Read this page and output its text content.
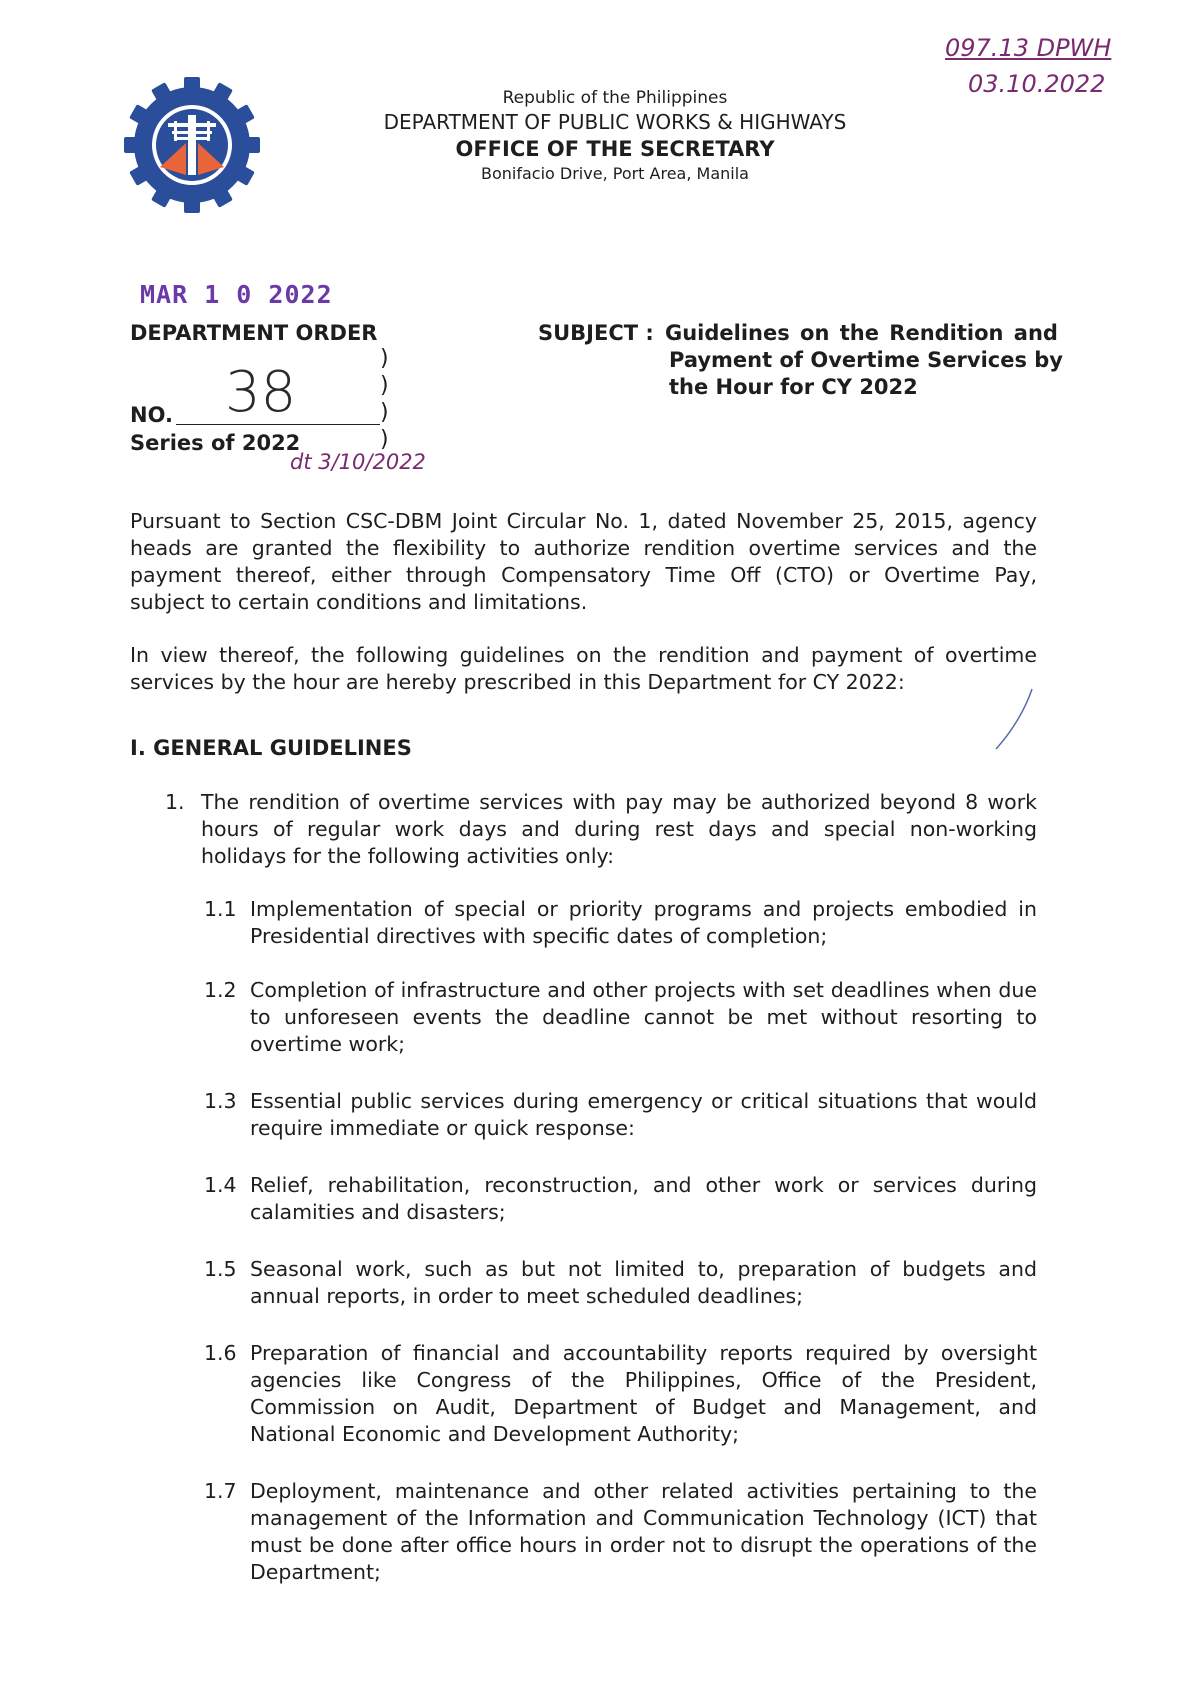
097.13 DPWH
03.10.2022
Republic of the Philippines
DEPARTMENT OF PUBLIC WORKS & HIGHWAYS
OFFICE OF THE SECRETARY
Bonifacio Drive, Port Area, Manila
MAR 1 0 2022
DEPARTMENT ORDER
)
)
)
)
NO. 38
Series of 2022
dt 3/10/2022
SUBJECT : Guidelines on the Rendition and
Payment of Overtime Services by
the Hour for CY 2022
Pursuant to Section CSC-DBM Joint Circular No. 1, dated November 25, 2015, agency heads are granted the flexibility to authorize rendition overtime services and the payment thereof, either through Compensatory Time Off (CTO) or Overtime Pay, subject to certain conditions and limitations.
In view thereof, the following guidelines on the rendition and payment of overtime services by the hour are hereby prescribed in this Department for CY 2022:
I. GENERAL GUIDELINES
1. The rendition of overtime services with pay may be authorized beyond 8 work hours of regular work days and during rest days and special non-working holidays for the following activities only:
1.1 Implementation of special or priority programs and projects embodied in Presidential directives with specific dates of completion;
1.2 Completion of infrastructure and other projects with set deadlines when due to unforeseen events the deadline cannot be met without resorting to overtime work;
1.3 Essential public services during emergency or critical situations that would require immediate or quick response:
1.4 Relief, rehabilitation, reconstruction, and other work or services during calamities and disasters;
1.5 Seasonal work, such as but not limited to, preparation of budgets and annual reports, in order to meet scheduled deadlines;
1.6 Preparation of financial and accountability reports required by oversight agencies like Congress of the Philippines, Office of the President, Commission on Audit, Department of Budget and Management, and National Economic and Development Authority;
1.7 Deployment, maintenance and other related activities pertaining to the management of the Information and Communication Technology (ICT) that must be done after office hours in order not to disrupt the operations of the Department;
